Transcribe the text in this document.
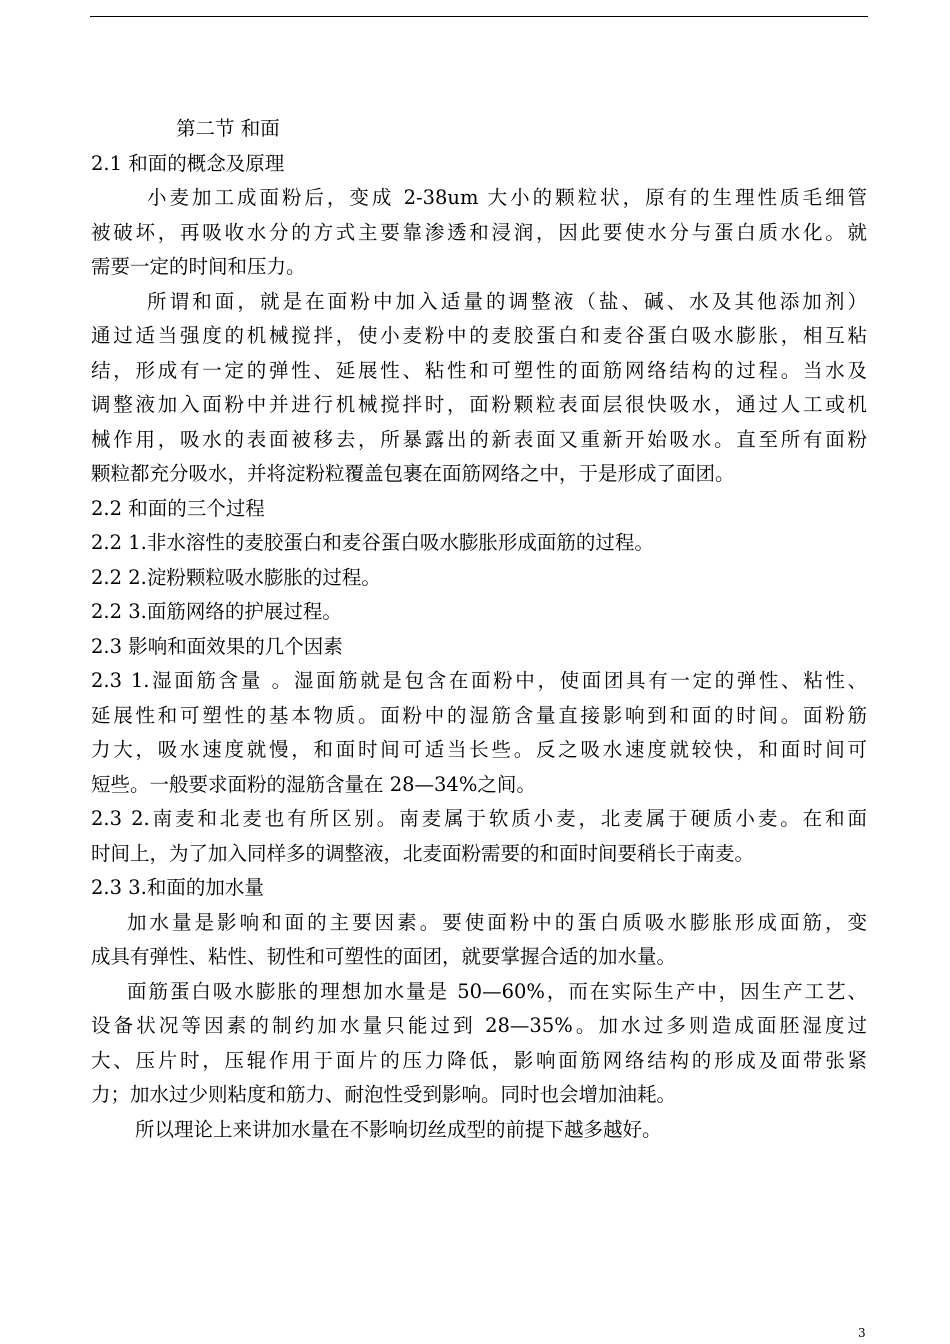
第二节 和面
2.1 和面的概念及原理
小麦加工成面粉后，变成 2-38um 大小的颗粒状，原有的生理性质毛细管
被破坏，再吸收水分的方式主要靠渗透和浸润，因此要使水分与蛋白质水化。就
需要一定的时间和压力。
所谓和面，就是在面粉中加入适量的调整液（盐、碱、水及其他添加剂）
通过适当强度的机械搅拌，使小麦粉中的麦胶蛋白和麦谷蛋白吸水膨胀，相互粘
结，形成有一定的弹性、延展性、粘性和可塑性的面筋网络结构的过程。当水及
调整液加入面粉中并进行机械搅拌时，面粉颗粒表面层很快吸水，通过人工或机
械作用，吸水的表面被移去，所暴露出的新表面又重新开始吸水。直至所有面粉
颗粒都充分吸水，并将淀粉粒覆盖包裹在面筋网络之中，于是形成了面团。
2.2 和面的三个过程
2.2 1.非水溶性的麦胶蛋白和麦谷蛋白吸水膨胀形成面筋的过程。
2.2 2.淀粉颗粒吸水膨胀的过程。
2.2 3.面筋网络的护展过程。
2.3 影响和面效果的几个因素
2.3 1.湿面筋含量 。湿面筋就是包含在面粉中，使面团具有一定的弹性、粘性、
延展性和可塑性的基本物质。面粉中的湿筋含量直接影响到和面的时间。面粉筋
力大，吸水速度就慢，和面时间可适当长些。反之吸水速度就较快，和面时间可
短些。一般要求面粉的湿筋含量在 28—34%之间。
2.3 2.南麦和北麦也有所区别。南麦属于软质小麦，北麦属于硬质小麦。在和面
时间上，为了加入同样多的调整液，北麦面粉需要的和面时间要稍长于南麦。
2.3 3.和面的加水量
加水量是影响和面的主要因素。要使面粉中的蛋白质吸水膨胀形成面筋，变
成具有弹性、粘性、韧性和可塑性的面团，就要掌握合适的加水量。
面筋蛋白吸水膨胀的理想加水量是 50—60%，而在实际生产中，因生产工艺、
设备状况等因素的制约加水量只能过到 28—35%。加水过多则造成面胚湿度过
大、压片时，压辊作用于面片的压力降低，影响面筋网络结构的形成及面带张紧
力；加水过少则粘度和筋力、耐泡性受到影响。同时也会增加油耗。
所以理论上来讲加水量在不影响切丝成型的前提下越多越好。
3
